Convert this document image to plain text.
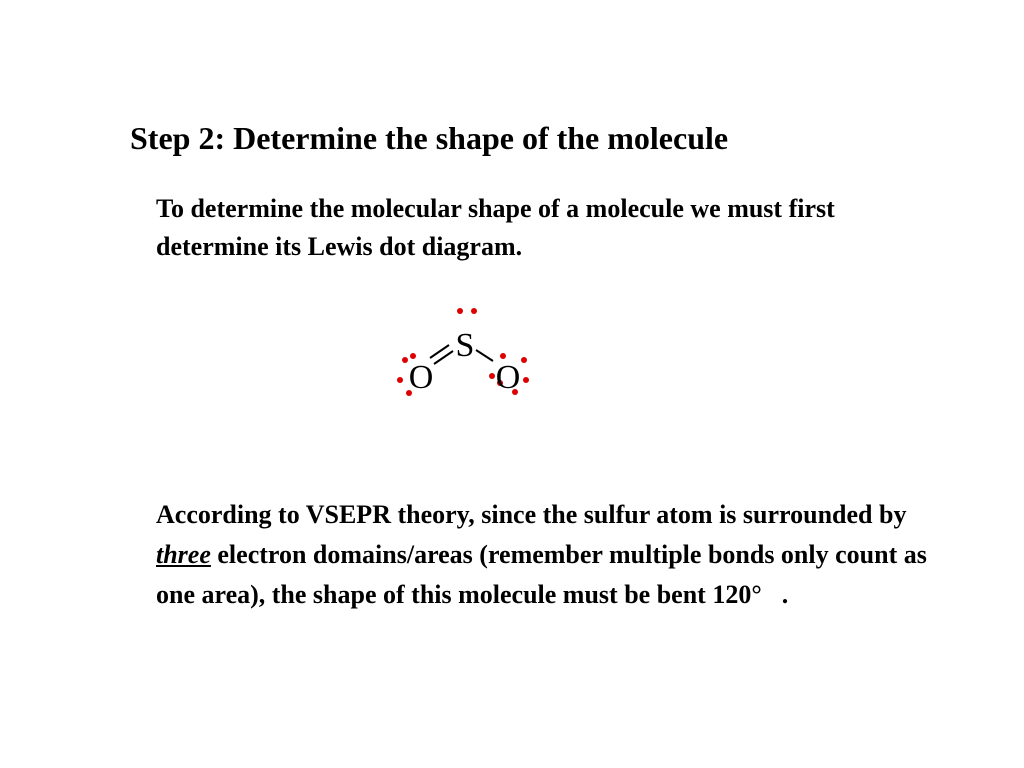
Step 2: Determine the shape of the molecule

To determine the molecular shape of a molecule we must first determine its Lewis dot diagram.

S
O O

According to VSEPR theory, since the sulfur atom is surrounded by three electron domains/areas (remember multiple bonds only count as one area), the shape of this molecule must be bent 120° .
